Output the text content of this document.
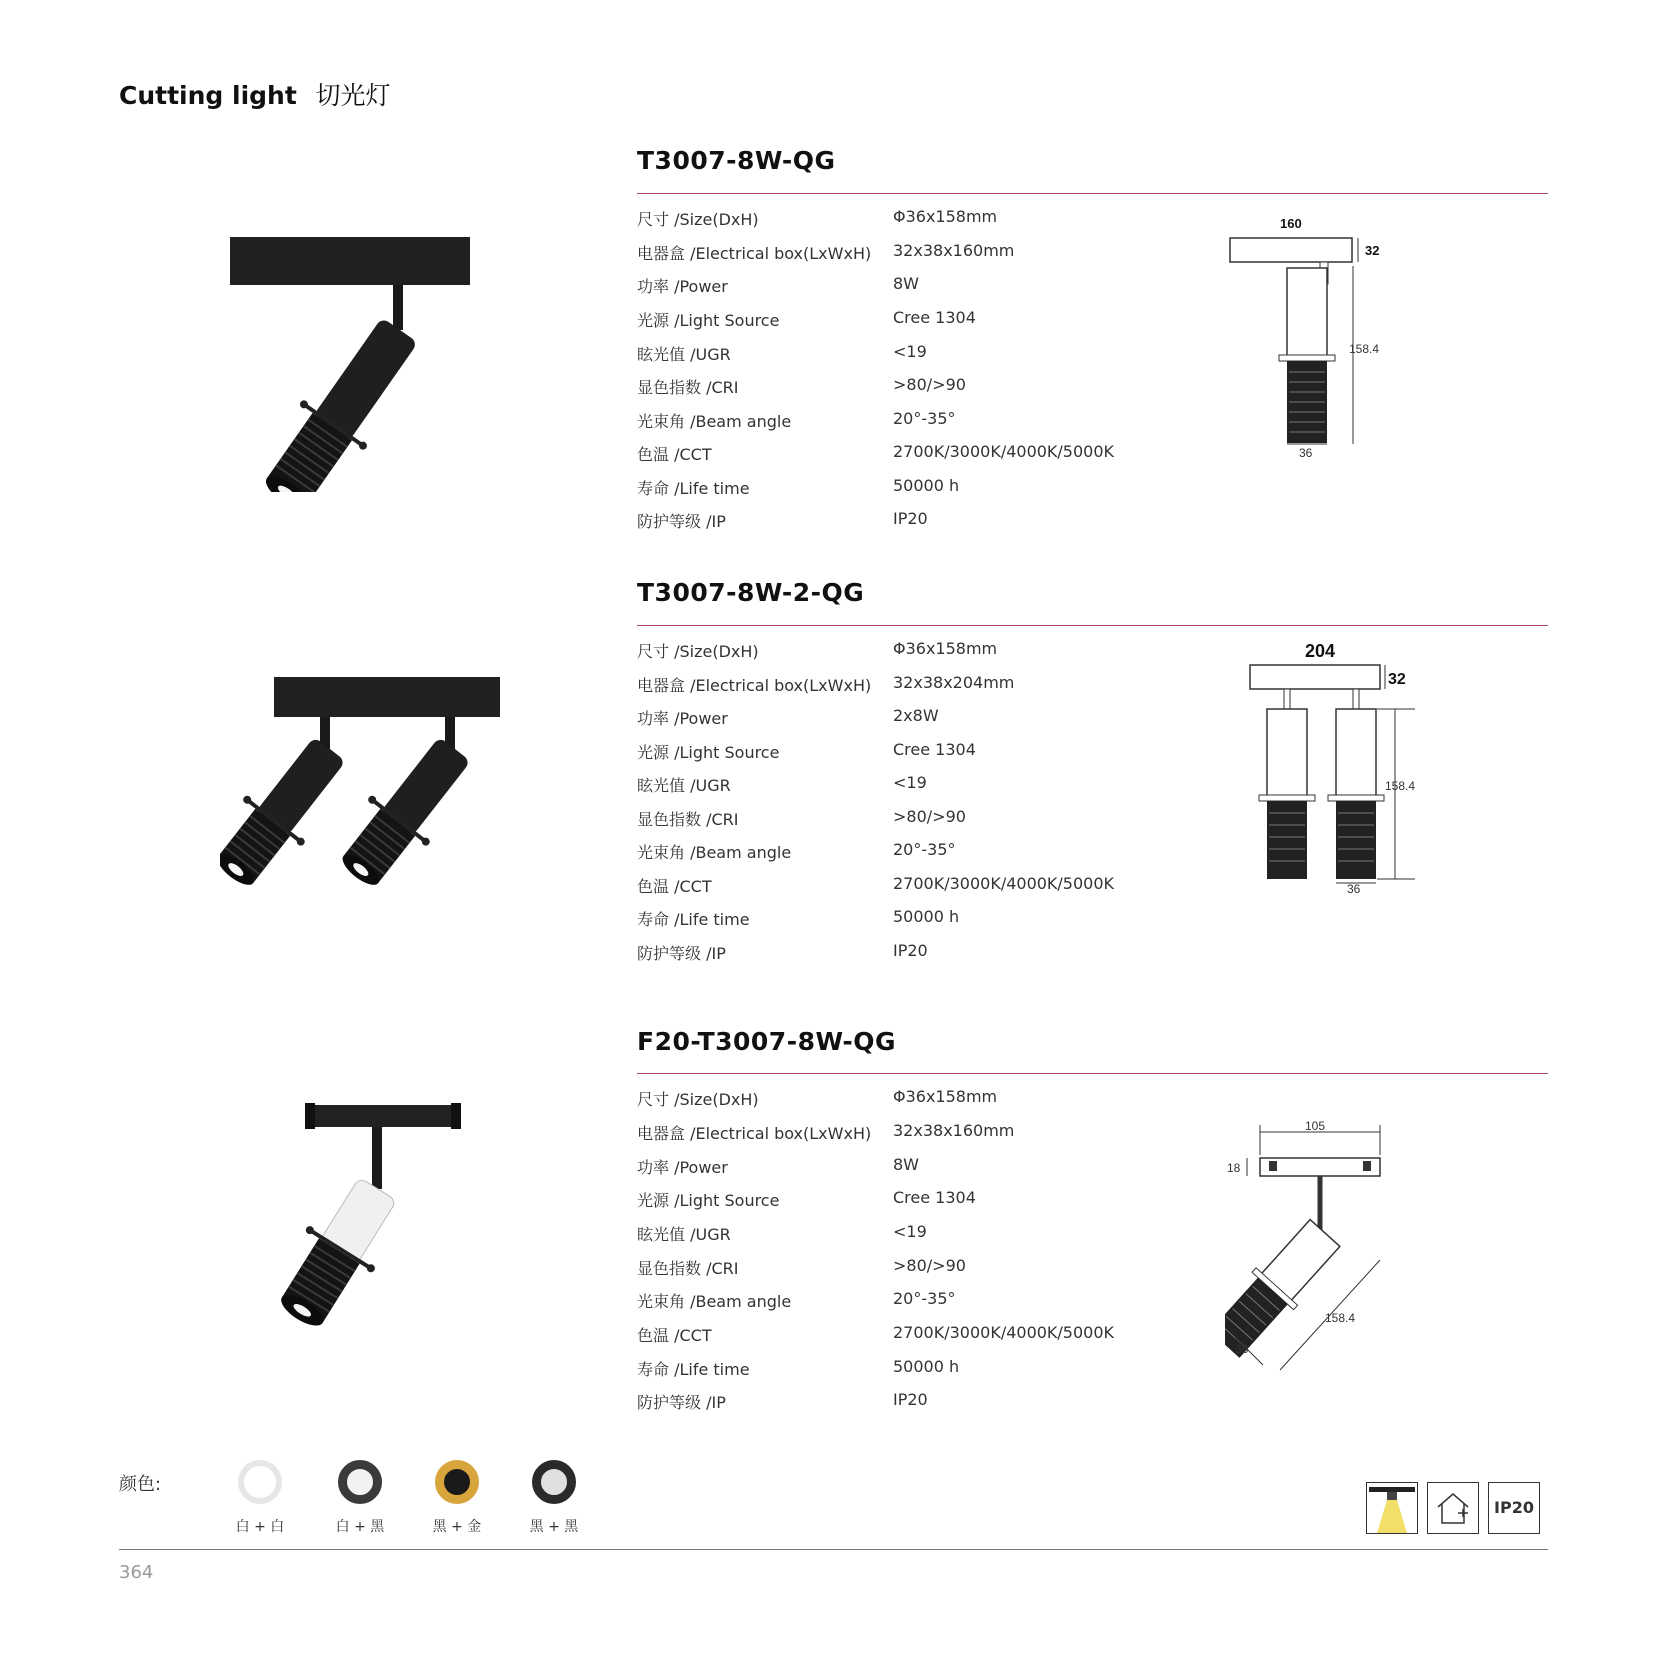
Cutting light 切光灯
T3007-8W-QG
尺寸 /Size(DxH)	Φ36x158mm
电器盒 /Electrical box(LxWxH) 32x38x160mm
功率 /Power	8W
光源 /Light Source	Cree 1304
眩光值 /UGR	<19
显色指数 /CRI	>80/>90
光束角 /Beam angle	20°-35°
色温 /CCT	2700K/3000K/4000K/5000K
寿命 /Life time	50000 h
防护等级 /IP	IP20
160
32
158.4
36
T3007-8W-2-QG
尺寸 /Size(DxH)	Φ36x158mm
电器盒 /Electrical box(LxWxH) 32x38x204mm
功率 /Power	2x8W
光源 /Light Source	Cree 1304
眩光值 /UGR	<19
显色指数 /CRI	>80/>90
光束角 /Beam angle	20°-35°
色温 /CCT	2700K/3000K/4000K/5000K
寿命 /Life time	50000 h
防护等级 /IP	IP20
204
32
158.4
36
F20-T3007-8W-QG
尺寸 /Size(DxH)	Φ36x158mm
电器盒 /Electrical box(LxWxH) 32x38x160mm
功率 /Power	8W
光源 /Light Source	Cree 1304
眩光值 /UGR	<19
显色指数 /CRI	>80/>90
光束角 /Beam angle	20°-35°
色温 /CCT	2700K/3000K/4000K/5000K
寿命 /Life time	50000 h
防护等级 /IP	IP20
105
18
158.4
36
颜色:
白 + 白	白 + 黑	黑 + 金	黑 + 黑
IP20
364
